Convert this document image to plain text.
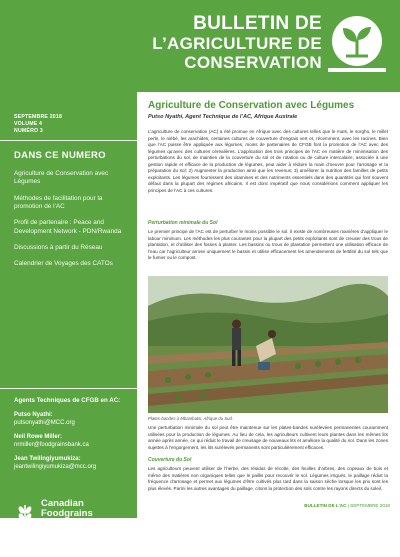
BULLETIN DE
L’AGRICULTURE DE
CONSERVATION
SEPTEMBRE 2018
VOLUME 4
NUMÉRO 3
DANS CE NUMERO
Agriculture de Conservation avec Légumes
Méthodes de facilitation pour la promotion de l’AC
Profil de partenaire : Peace and Development Network - PDN/Rwanda
Discussions à partir du Réseau
Calendrier de Voyages des CATOs
Agents Techniques de CFGB en AC:
Putso Nyathi:
putsonyathi@MCC.org
Neil Rowe Miller:
nrmiller@foodgrainsbank.ca
Jean Twilingiyumukiza:
jeantwilingiyumukiza@mcc.org
Canadian
Foodgrains
Bank
A Christian Response
to Hunger
foodgrainsbank.ca
Agriculture de Conservation avec Légumes
Putso Nyathi, Agent Technique de l’AC, Afrique Australe
L’agriculture de conservation (AC) a été promue en Afrique avec des cultures telles que le maïs, le sorgho, le millet perle, le niébé, les arachides, certaines cultures de couverture d’engrais vert et, récemment, avec les racines. Bien que l’AC puisse être appliquée aux légumes, moins de partenaires de CFGB font la promotion de l’AC avec des légumes qu’avec des cultures céréalières. L’application des trois principes de l’AC en matière de minimisation des perturbations du sol, de maintien de la couverture du sol et de rotation ou de culture intercalaire, associée à une gestion rapide et efficace de la production de légumes, peut aider à réduire la main d’oeuvre pour l’arrosage et la préparation du sol; 2) Augmenter la production ainsi que les revenus; 3) améliorer la nutrition des familles de petits exploitants. Les légumes fournissent des vitamines et des nutriments essentiels dans des quantités qui font souvent défaut dans la plupart des régimes africains. Il est donc impératif que nous considérions comment appliquer les principes de l’AC à ces cultures.
Perturbation minimale du Sol
Le premier principe de l’AC est de perturber le moins possible le sol. Il existe de nombreuses manières d’appliquer le labour minimum. Les méthodes les plus courantes pour la plupart des petits exploitants sont de creuser des trous de plantation, et d’utiliser des fosses à planter. Les bassins ou trous de plantation permettent une utilisation efficace de l’eau car l’agriculteur arrose uniquement le bassin et utilise efficacement les amendements de fertilité du sol tels que le fumier ou le compost.
Plates-bandes à Mbambatsi, Afrique du Sud.
Une perturbation minimale du sol peut être maintenue sur les plates-bandes surélevées permanentes couramment utilisées pour la production de légumes. Au lieu de cela, les agriculteurs cultivent leurs plantes dans les mêmes lits année après année, ce qui réduit le travail de creusage de nouveaux lits et améliore la qualité du sol. Dans les zones sujettes à l’engorgement, les lits surélevés permanents sont particulièrement efficaces.
Couverture du Sol
Les agriculteurs peuvent utiliser de l’herbe, des résidus de récolte, des feuilles d’arbres, des copeaux de bois et même des matières non organiques telles que le paillis pour recouvrir le sol. Légumes irrigués, le paillage réduit la fréquence d’arrosage et permet aux légumes d’être cultivés plus tard dans la saison sèche lorsque les prix sont les plus élevés. Parmi les autres avantages du paillage, citons la protection des sols contre les rayons directs du soleil,
BULLETIN DE L’AC | SEPTEMBRE 2018
